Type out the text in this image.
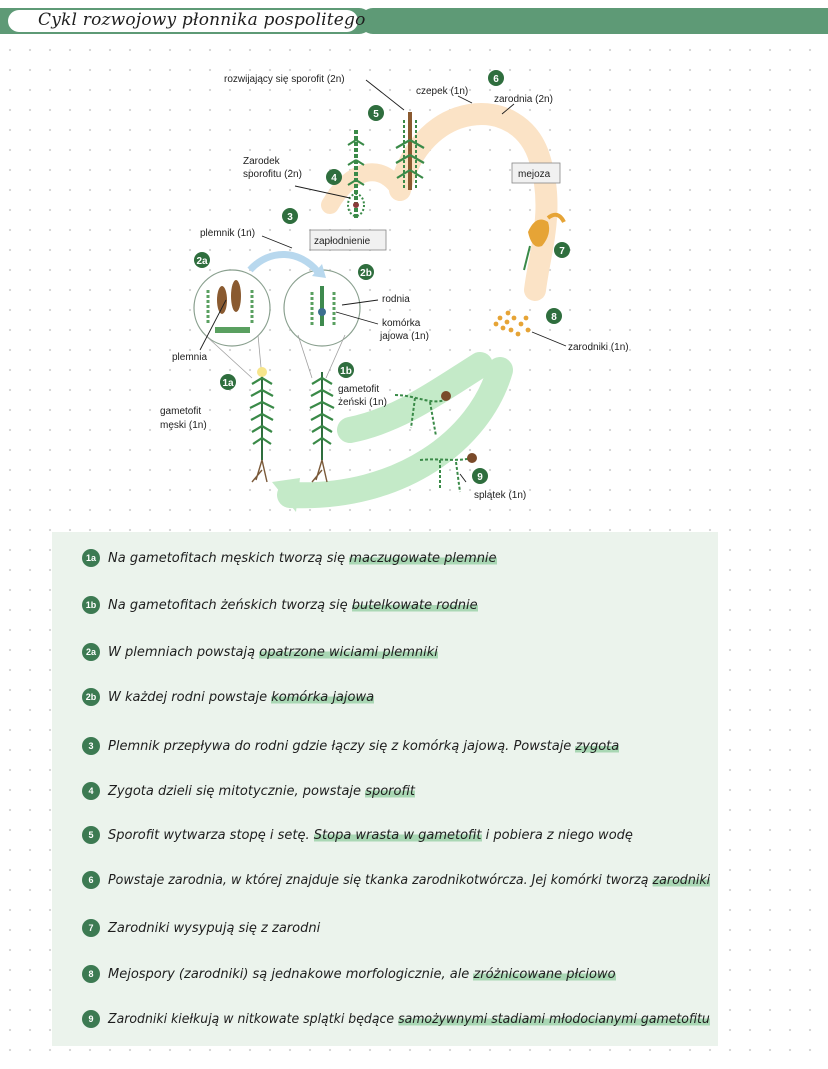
Cykl rozwojowy płonnika pospolitego
rozwijający się sporofit (2n)
czepek (1n)
zarodnia (2n)
Zarodek
sporofitu (2n)	mejoza
plemnik (1n)
zapłodnienie
rodnia
komórka
jajowa (1n)
plemnia
gametofit
męski (1n)
gametofit
żeński (1n)
zarodniki (1n)
splątek (1n)
6
5
4
3
2a
2b
7
8
1a
1b
9
1a Na gametofitach męskich tworzą się maczugowate plemnie
1b Na gametofitach żeńskich tworzą się butelkowate rodnie
2a W plemniach powstają opatrzone wiciami plemniki
2b W każdej rodni powstaje komórka jajowa
3	Plemnik przepływa do rodni gdzie łączy się z komórką jajową. Powstaje zygota
4	Zygota dzieli się mitotycznie, powstaje sporofit
5	Sporofit wytwarza stopę i setę. Stopa wrasta w gametofit i pobiera z niego wodę
6	Powstaje zarodnia, w której znajduje się tkanka zarodnikotwórcza. Jej komórki tworzą zarodniki
7	Zarodniki wysypują się z zarodni
8	Mejospory (zarodniki) są jednakowe morfologicznie, ale zróżnicowane płciowo
9	Zarodniki kiełkują w nitkowate splątki będące samożywnymi stadiami młodocianymi gametofitu
